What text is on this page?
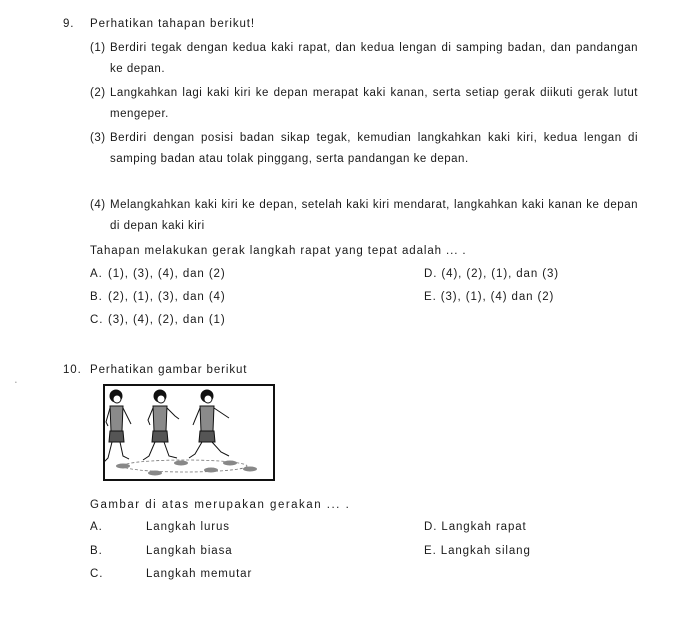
9. Perhatikan tahapan berikut!
(1) Berdiri tegak dengan kedua kaki rapat, dan kedua lengan di samping badan, dan pandangan ke depan.
(2) Langkahkan lagi kaki kiri ke depan merapat kaki kanan, serta setiap gerak diikuti gerak lutut mengeper.
(3) Berdiri dengan posisi badan sikap tegak, kemudian langkahkan kaki kiri, kedua lengan di samping badan atau tolak pinggang, serta pandangan ke depan.
(4) Melangkahkan kaki kiri ke depan, setelah kaki kiri mendarat, langkahkan kaki kanan ke depan di depan kaki kiri
Tahapan melakukan gerak langkah rapat yang tepat adalah ... .
A. (1), (3), (4), dan (2)
B. (2), (1), (3), dan (4)
C. (3), (4), (2), dan (1)
D. (4), (2), (1), dan (3)
E. (3), (1), (4) dan (2)
10. Perhatikan gambar berikut
•
Gambar di atas merupakan gerakan ... .
A.	Langkah lurus
B.	Langkah biasa
C.	Langkah memutar
D. Langkah rapat
E. Langkah silang
